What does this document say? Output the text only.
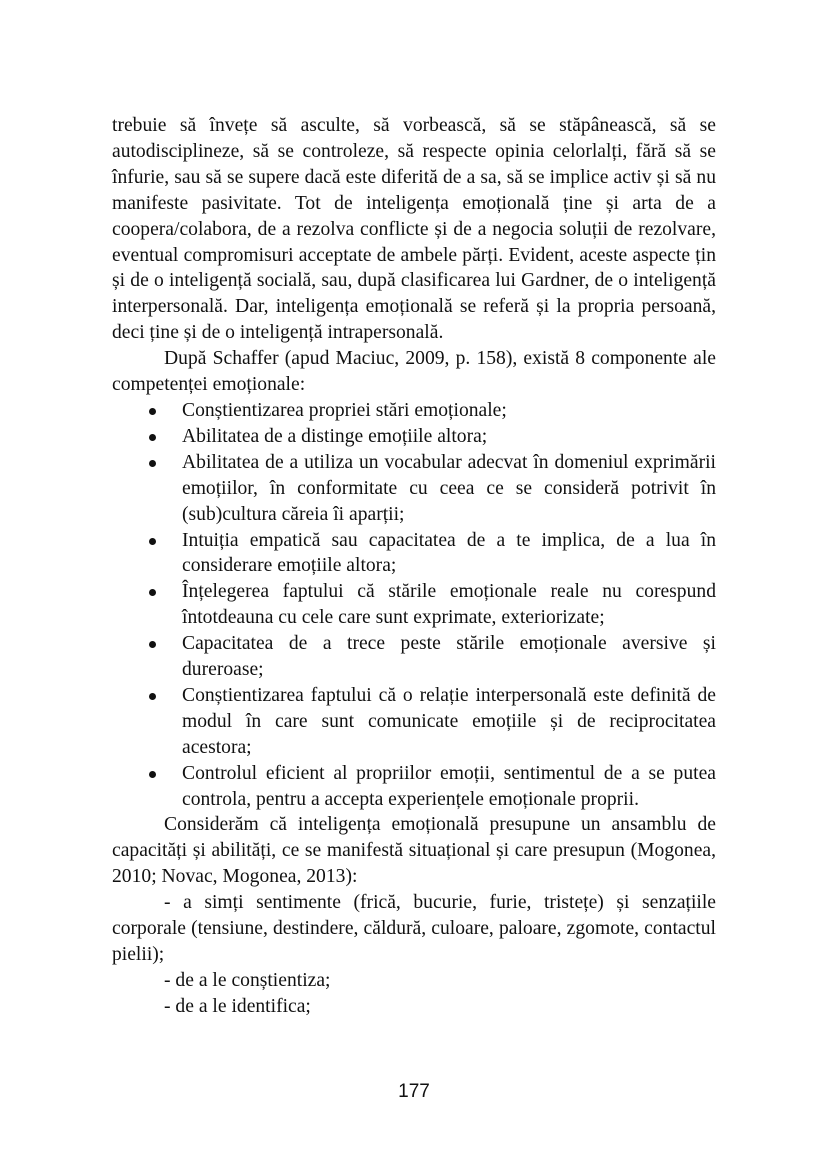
trebuie să învețe să asculte, să vorbească, să se stăpânească, să se autodisciplineze, să se controleze, să respecte opinia celorlalți, fără să se înfurie, sau să se supere dacă este diferită de a sa, să se implice activ și să nu manifeste pasivitate. Tot de inteligența emoțională ține și arta de a coopera/colabora, de a rezolva conflicte și de a negocia soluții de rezolvare, eventual compromisuri acceptate de ambele părți. Evident, aceste aspecte țin și de o inteligență socială, sau, după clasificarea lui Gardner, de o inteligență interpersonală. Dar, inteligența emoțională se referă și la propria persoană, deci ține și de o inteligență intrapersonală.

După Schaffer (apud Maciuc, 2009, p. 158), există 8 componente ale competenței emoționale:

Conștientizarea propriei stări emoționale;
Abilitatea de a distinge emoțiile altora;
Abilitatea de a utiliza un vocabular adecvat în domeniul exprimării emoțiilor, în conformitate cu ceea ce se consideră potrivit în (sub)cultura căreia îi aparții;
Intuiția empatică sau capacitatea de a te implica, de a lua în considerare emoțiile altora;
Înțelegerea faptului că stările emoționale reale nu corespund întotdeauna cu cele care sunt exprimate, exteriorizate;
Capacitatea de a trece peste stările emoționale aversive și dureroase;
Conștientizarea faptului că o relație interpersonală este definită de modul în care sunt comunicate emoțiile și de reciprocitatea acestora;
Controlul eficient al propriilor emoții, sentimentul de a se putea controla, pentru a accepta experiențele emoționale proprii.

Considerăm că inteligența emoțională presupune un ansamblu de capacități și abilități, ce se manifestă situațional și care presupun (Mogonea, 2010; Novac, Mogonea, 2013):

- a simți sentimente (frică, bucurie, furie, tristețe) și senzațiile corporale (tensiune, destindere, căldură, culoare, paloare, zgomote, contactul pielii);

- de a le conștientiza;

- de a le identifica;

177
